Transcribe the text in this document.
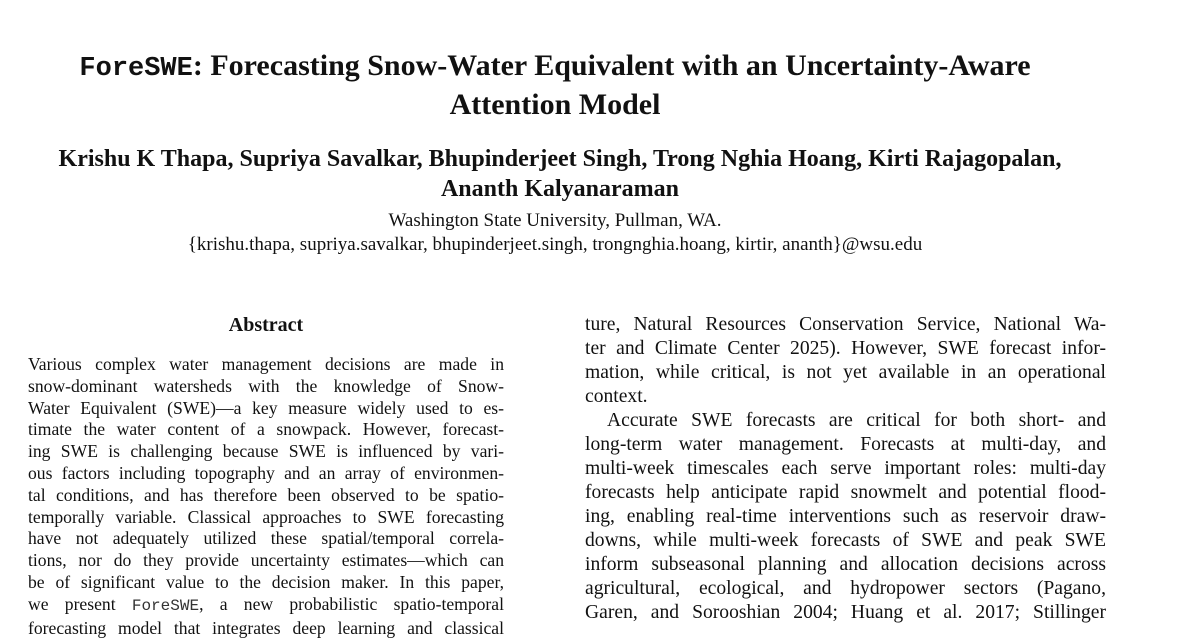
ForeSWE: Forecasting Snow-Water Equivalent with an Uncertainty-Aware
Attention Model
Krishu K Thapa, Supriya Savalkar, Bhupinderjeet Singh, Trong Nghia Hoang, Kirti Rajagopalan,
Ananth Kalyanaraman
Washington State University, Pullman, WA.
{krishu.thapa, supriya.savalkar, bhupinderjeet.singh, trongnghia.hoang, kirtir, ananth}@wsu.edu
Abstract
Various complex water management decisions are made in
snow-dominant watersheds with the knowledge of Snow-
Water Equivalent (SWE)—a key measure widely used to es-
timate the water content of a snowpack. However, forecast-
ing SWE is challenging because SWE is influenced by vari-
ous factors including topography and an array of environmen-
tal conditions, and has therefore been observed to be spatio-
temporally variable. Classical approaches to SWE forecasting
have not adequately utilized these spatial/temporal correla-
tions, nor do they provide uncertainty estimates—which can
be of significant value to the decision maker. In this paper,
we present ForeSWE, a new probabilistic spatio-temporal
forecasting model that integrates deep learning and classical
ture, Natural Resources Conservation Service, National Wa-
ter and Climate Center 2025). However, SWE forecast infor-
mation, while critical, is not yet available in an operational
context.
Accurate SWE forecasts are critical for both short- and
long-term water management. Forecasts at multi-day, and
multi-week timescales each serve important roles: multi-day
forecasts help anticipate rapid snowmelt and potential flood-
ing, enabling real-time interventions such as reservoir draw-
downs, while multi-week forecasts of SWE and peak SWE
inform subseasonal planning and allocation decisions across
agricultural, ecological, and hydropower sectors (Pagano,
Garen, and Sorooshian 2004; Huang et al. 2017; Stillinger
